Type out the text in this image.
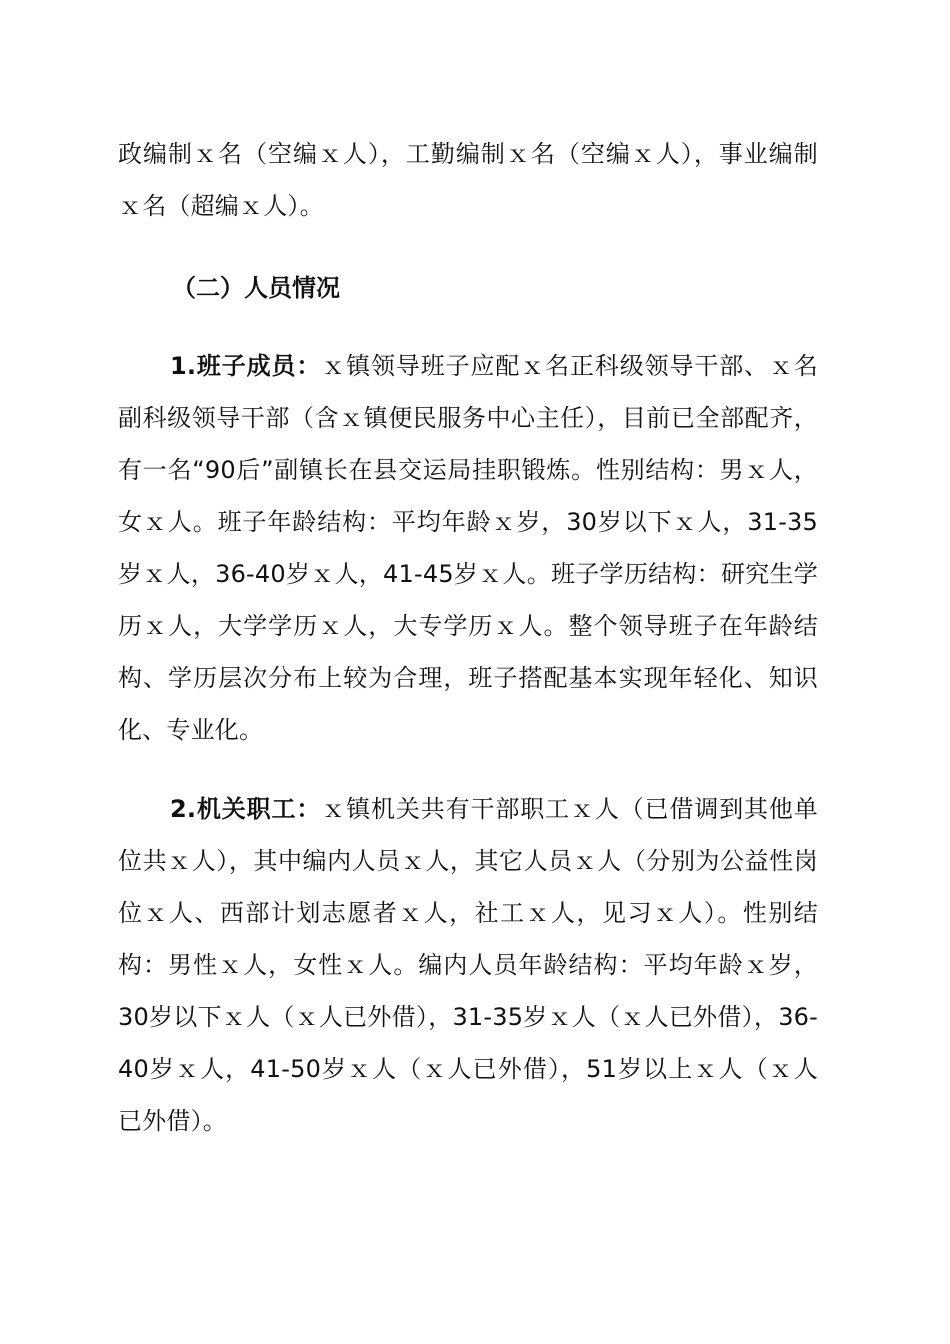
政编制ｘ名（空编ｘ人），工勤编制ｘ名（空编ｘ人），事业编制ｘ名（超编ｘ人）。
（二）人员情况
1.班子成员：ｘ镇领导班子应配ｘ名正科级领导干部、ｘ名副科级领导干部（含ｘ镇便民服务中心主任），目前已全部配齐，有一名“90后”副镇长在县交运局挂职锻炼。性别结构：男ｘ人，女ｘ人。班子年龄结构：平均年龄ｘ岁，30岁以下ｘ人，31-35岁ｘ人，36-40岁ｘ人，41-45岁ｘ人。班子学历结构：研究生学历ｘ人，大学学历ｘ人，大专学历ｘ人。整个领导班子在年龄结构、学历层次分布上较为合理，班子搭配基本实现年轻化、知识化、专业化。
2.机关职工：ｘ镇机关共有干部职工ｘ人（已借调到其他单位共ｘ人），其中编内人员ｘ人，其它人员ｘ人（分别为公益性岗位ｘ人、西部计划志愿者ｘ人，社工ｘ人，见习ｘ人）。性别结构：男性ｘ人，女性ｘ人。编内人员年龄结构：平均年龄ｘ岁，30岁以下ｘ人（ｘ人已外借），31-35岁ｘ人（ｘ人已外借），36-40岁ｘ人，41-50岁ｘ人（ｘ人已外借），51岁以上ｘ人（ｘ人已外借）。
